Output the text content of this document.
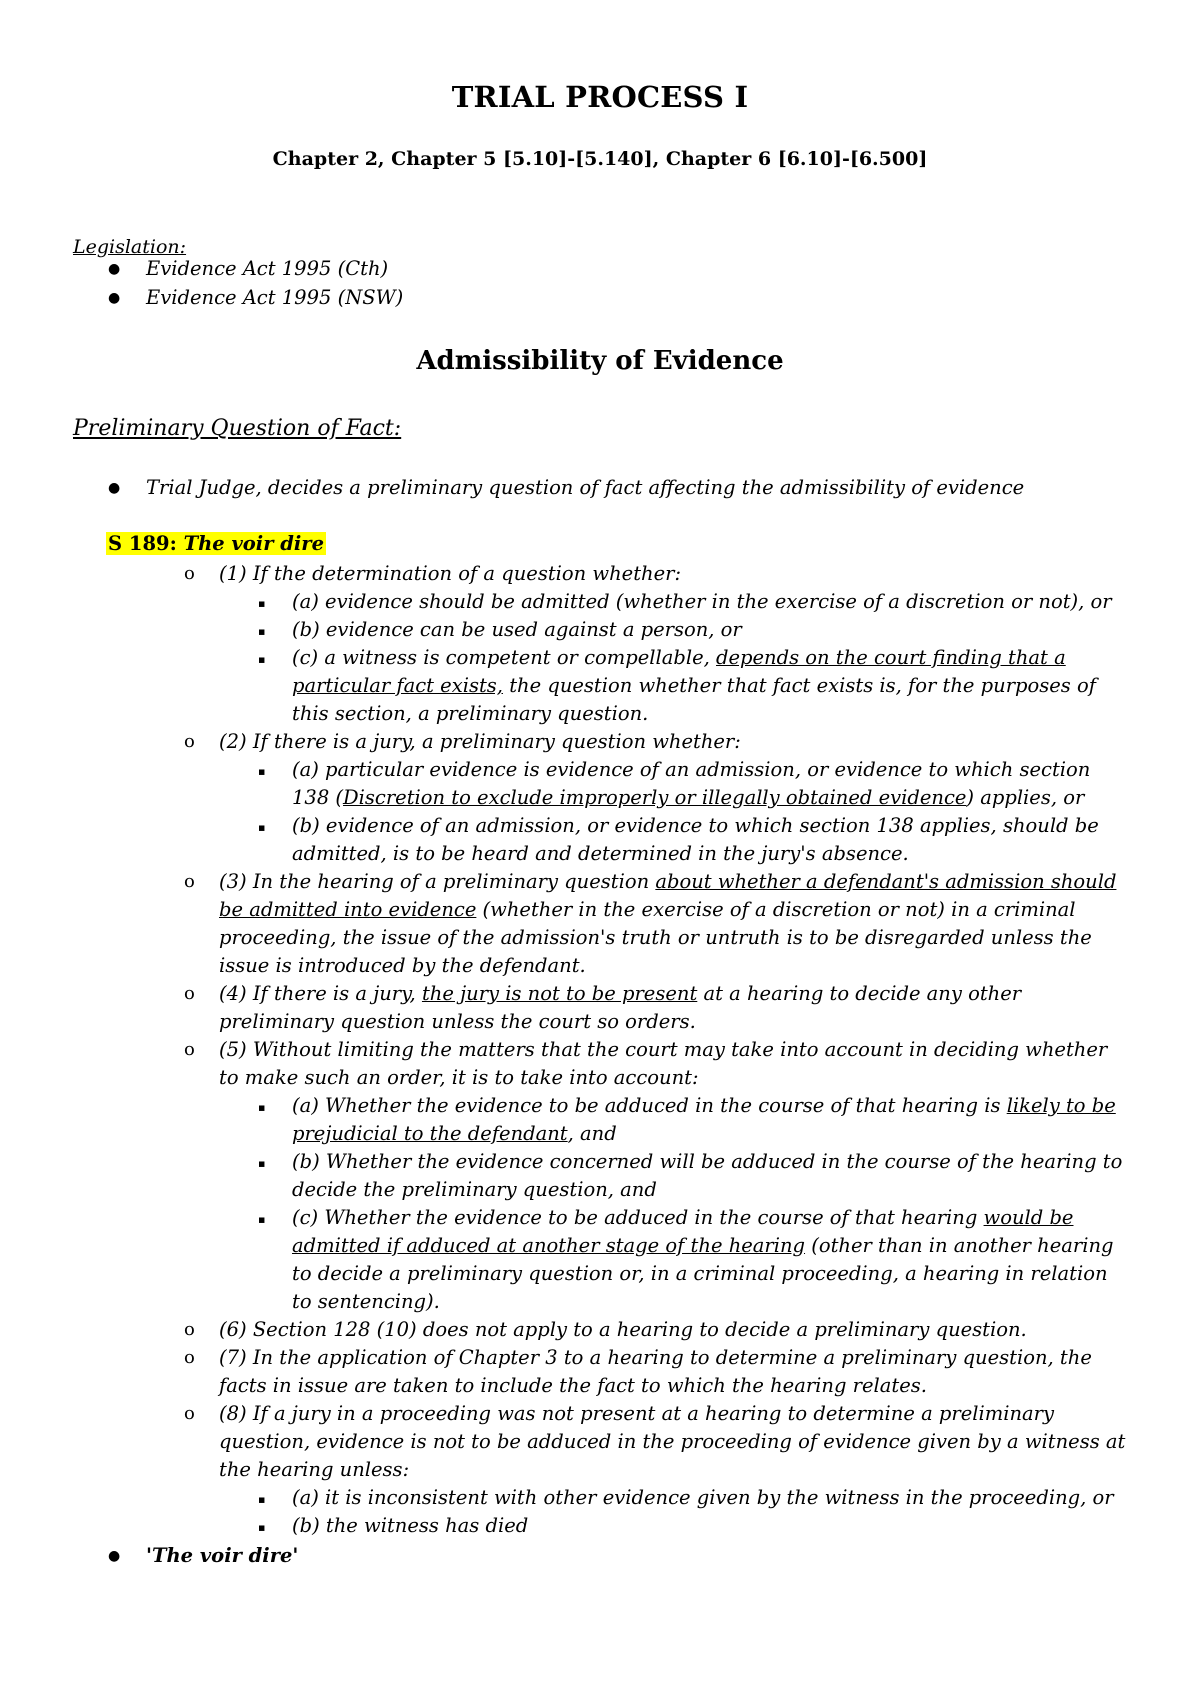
TRIAL PROCESS I
Chapter 2, Chapter 5 [5.10]-[5.140], Chapter 6 [6.10]-[6.500]
Legislation:
● Evidence Act 1995 (Cth)

● Evidence Act 1995 (NSW)

Admissibility of Evidence
Preliminary Question of Fact:
● Trial Judge, decides a preliminary question of fact affecting the admissibility of evidence

S 189: The voir dire
o (1) If the determination of a question whether:

▪ (a) evidence should be admitted (whether in the exercise of a discretion or not), or

▪ (b) evidence can be used against a person, or

▪ (c) a witness is competent or compellable, depends on the court finding that a

particular fact exists, the question whether that fact exists is, for the purposes of

this section, a preliminary question.

o (2) If there is a jury, a preliminary question whether:

▪ (a) particular evidence is evidence of an admission, or evidence to which section

138 (Discretion to exclude improperly or illegally obtained evidence) applies, or

▪ (b) evidence of an admission, or evidence to which section 138 applies, should be

admitted, is to be heard and determined in the jury's absence.

o (3) In the hearing of a preliminary question about whether a defendant's admission should

be admitted into evidence (whether in the exercise of a discretion or not) in a criminal

proceeding, the issue of the admission's truth or untruth is to be disregarded unless the

issue is introduced by the defendant.

o (4) If there is a jury, the jury is not to be present at a hearing to decide any other

preliminary question unless the court so orders.

o (5) Without limiting the matters that the court may take into account in deciding whether

to make such an order, it is to take into account:

▪ (a) Whether the evidence to be adduced in the course of that hearing is likely to be

prejudicial to the defendant, and

▪ (b) Whether the evidence concerned will be adduced in the course of the hearing to

decide the preliminary question, and

▪ (c) Whether the evidence to be adduced in the course of that hearing would be

admitted if adduced at another stage of the hearing (other than in another hearing

to decide a preliminary question or, in a criminal proceeding, a hearing in relation

to sentencing).

o (6) Section 128 (10) does not apply to a hearing to decide a preliminary question.

o (7) In the application of Chapter 3 to a hearing to determine a preliminary question, the

facts in issue are taken to include the fact to which the hearing relates.

o (8) If a jury in a proceeding was not present at a hearing to determine a preliminary

question, evidence is not to be adduced in the proceeding of evidence given by a witness at

the hearing unless:

▪ (a) it is inconsistent with other evidence given by the witness in the proceeding, or

▪ (b) the witness has died

● 'The voir dire'
